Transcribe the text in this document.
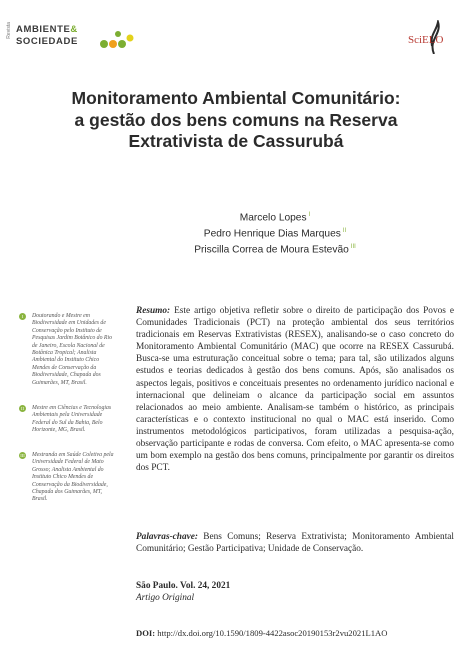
Revista AMBIENTE&
SOCIEDADE	SciELO
Monitoramento Ambiental Comunitário:
a gestão dos bens comuns na Reserva
Extrativista de Cassurubá
Marcelo Lopes $^I$
Pedro Henrique Dias Marques $^{II}$
Priscilla Correa de Moura Estevão $^{III}$
I	Doutorando e Mestre em Biodiversidade em Unidades de Conservação pelo Instituto de Pesquisas Jardim Botânico do Rio de Janeiro, Escola Nacional de Botânica Tropical; Analista Ambiental do Instituto Chico Mendes de Conservação da Biodiversidade, Chapada dos Guimarães, MT, Brasil.
II	Mestre em Ciências e Tecnologias Ambientais pela Universidade Federal do Sul da Bahia, Belo Horizonte, MG, Brasil.
III Mestranda em Saúde Coletiva pela Universidade Federal de Mato Grosso; Analista Ambiental do Instituto Chico Mendes de Conservação da Biodiversidade, Chapada dos Guimarães, MT, Brasil.
Resumo: Este artigo objetiva refletir sobre o direito de participação dos Povos e Comunidades Tradicionais (PCT) na proteção ambiental dos seus territórios tradicionais em Reservas Extrativistas (RESEX), analisando-se o caso concreto do Monitoramento Ambiental Comunitário (MAC) que ocorre na RESEX Cassurubá. Busca-se uma estruturação conceitual sobre o tema; para tal, são utilizados alguns estudos e teorias dedicados à gestão dos bens comuns. Após, são analisados os aspectos legais, positivos e conceituais presentes no ordenamento jurídico nacional e internacional que delineiam o alcance da participação social em assuntos relacionados ao meio ambiente. Analisam-se também o histórico, as principais características e o contexto institucional no qual o MAC está inserido. Como instrumentos metodológicos participativos, foram utilizadas a pesquisa-ação, observação participante e rodas de conversa. Com efeito, o MAC apresenta-se como um bom exemplo na gestão dos bens comuns, principalmente por garantir os direitos dos PCT.
Palavras-chave: Bens Comuns; Reserva Extrativista; Monitoramento Ambiental Comunitário; Gestão Participativa; Unidade de Conservação.
São Paulo. Vol. 24, 2021
Artigo Original
DOI: http://dx.doi.org/10.1590/1809-4422asoc20190153r2vu2021L1AO
